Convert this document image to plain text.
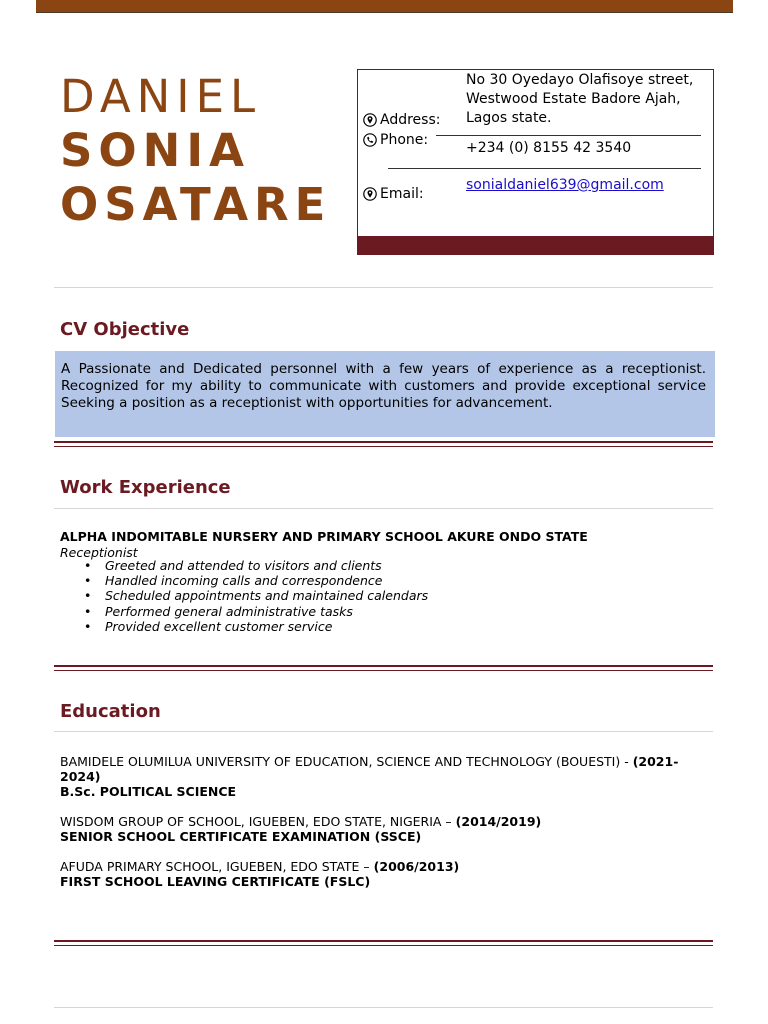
DANIEL
SONIA
OSATARE
Address:
No 30 Oyedayo Olafisoye street,
Westwood Estate Badore Ajah,
Lagos state.
Phone:	+234 (0) 8155 42 3540
Email:
sonialdaniel639@gmail.com
CV Objective
A Passionate and Dedicated personnel with a few years of experience as a receptionist. Recognized for my ability to communicate with customers and provide exceptional service Seeking a position as a receptionist with opportunities for advancement.
Work Experience
ALPHA INDOMITABLE NURSERY AND PRIMARY SCHOOL AKURE ONDO STATE
Receptionist
• Greeted and attended to visitors and clients
• Handled incoming calls and correspondence
• Scheduled appointments and maintained calendars
• Performed general administrative tasks
• Provided excellent customer service
Education
BAMIDELE OLUMILUA UNIVERSITY OF EDUCATION, SCIENCE AND TECHNOLOGY (BOUESTI) - (2021-2024)
B.Sc. POLITICAL SCIENCE
WISDOM GROUP OF SCHOOL, IGUEBEN, EDO STATE, NIGERIA – (2014/2019)
SENIOR SCHOOL CERTIFICATE EXAMINATION (SSCE)
AFUDA PRIMARY SCHOOL, IGUEBEN, EDO STATE – (2006/2013)
FIRST SCHOOL LEAVING CERTIFICATE (FSLC)
